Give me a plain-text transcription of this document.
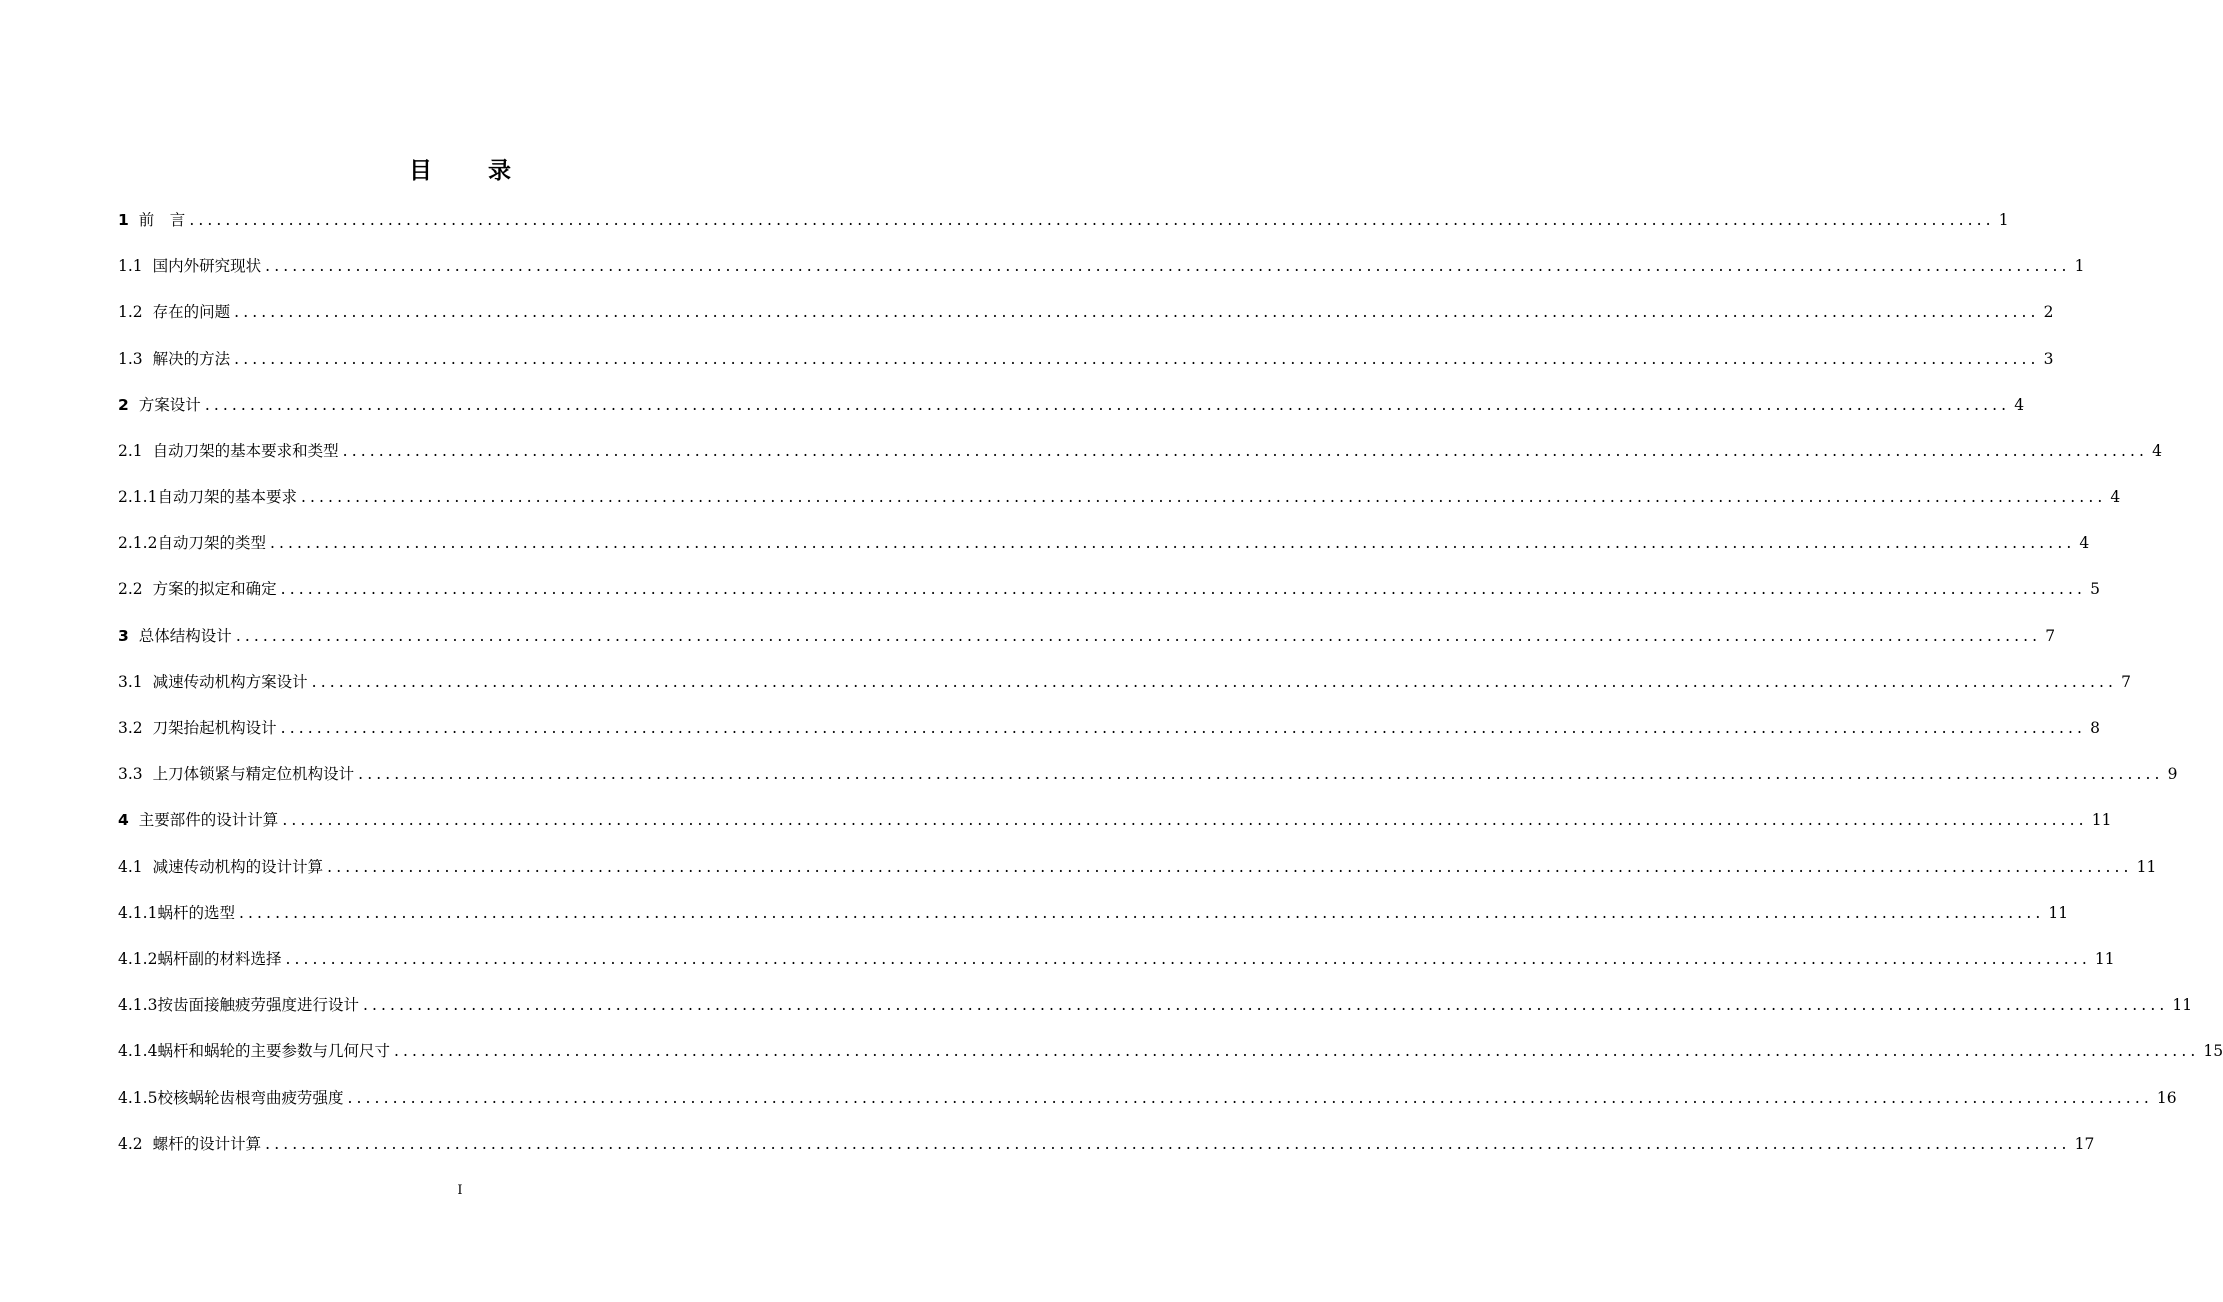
目 录
1 前　言 ........................................................................................................................................................................................................ 1
1.1 国内外研究现状 ........................................................................................................................................................................................................ 1
1.2 存在的问题 ........................................................................................................................................................................................................ 2
1.3 解决的方法 ........................................................................................................................................................................................................ 3
2 方案设计 ........................................................................................................................................................................................................ 4
2.1 自动刀架的基本要求和类型 ........................................................................................................................................................................................................ 4
2.1.1 自动刀架的基本要求 ........................................................................................................................................................................................................ 4
2.1.2 自动刀架的类型 ........................................................................................................................................................................................................ 4
2.2 方案的拟定和确定 ........................................................................................................................................................................................................ 5
3 总体结构设计 ........................................................................................................................................................................................................ 7
3.1 减速传动机构方案设计 ........................................................................................................................................................................................................ 7
3.2 刀架抬起机构设计 ........................................................................................................................................................................................................ 8
3.3 上刀体锁紧与精定位机构设计 ........................................................................................................................................................................................................ 9
4 主要部件的设计计算 ........................................................................................................................................................................................................ 11
4.1 减速传动机构的设计计算 ........................................................................................................................................................................................................ 11
4.1.1 蜗杆的选型 ........................................................................................................................................................................................................ 11
4.1.2 蜗杆副的材料选择 ........................................................................................................................................................................................................ 11
4.1.3 按齿面接触疲劳强度进行设计 ........................................................................................................................................................................................................ 11
4.1.4 蜗杆和蜗轮的主要参数与几何尺寸 ........................................................................................................................................................................................................ 15
4.1.5 校核蜗轮齿根弯曲疲劳强度 ........................................................................................................................................................................................................ 16
4.2 螺杆的设计计算 ........................................................................................................................................................................................................ 17
I
